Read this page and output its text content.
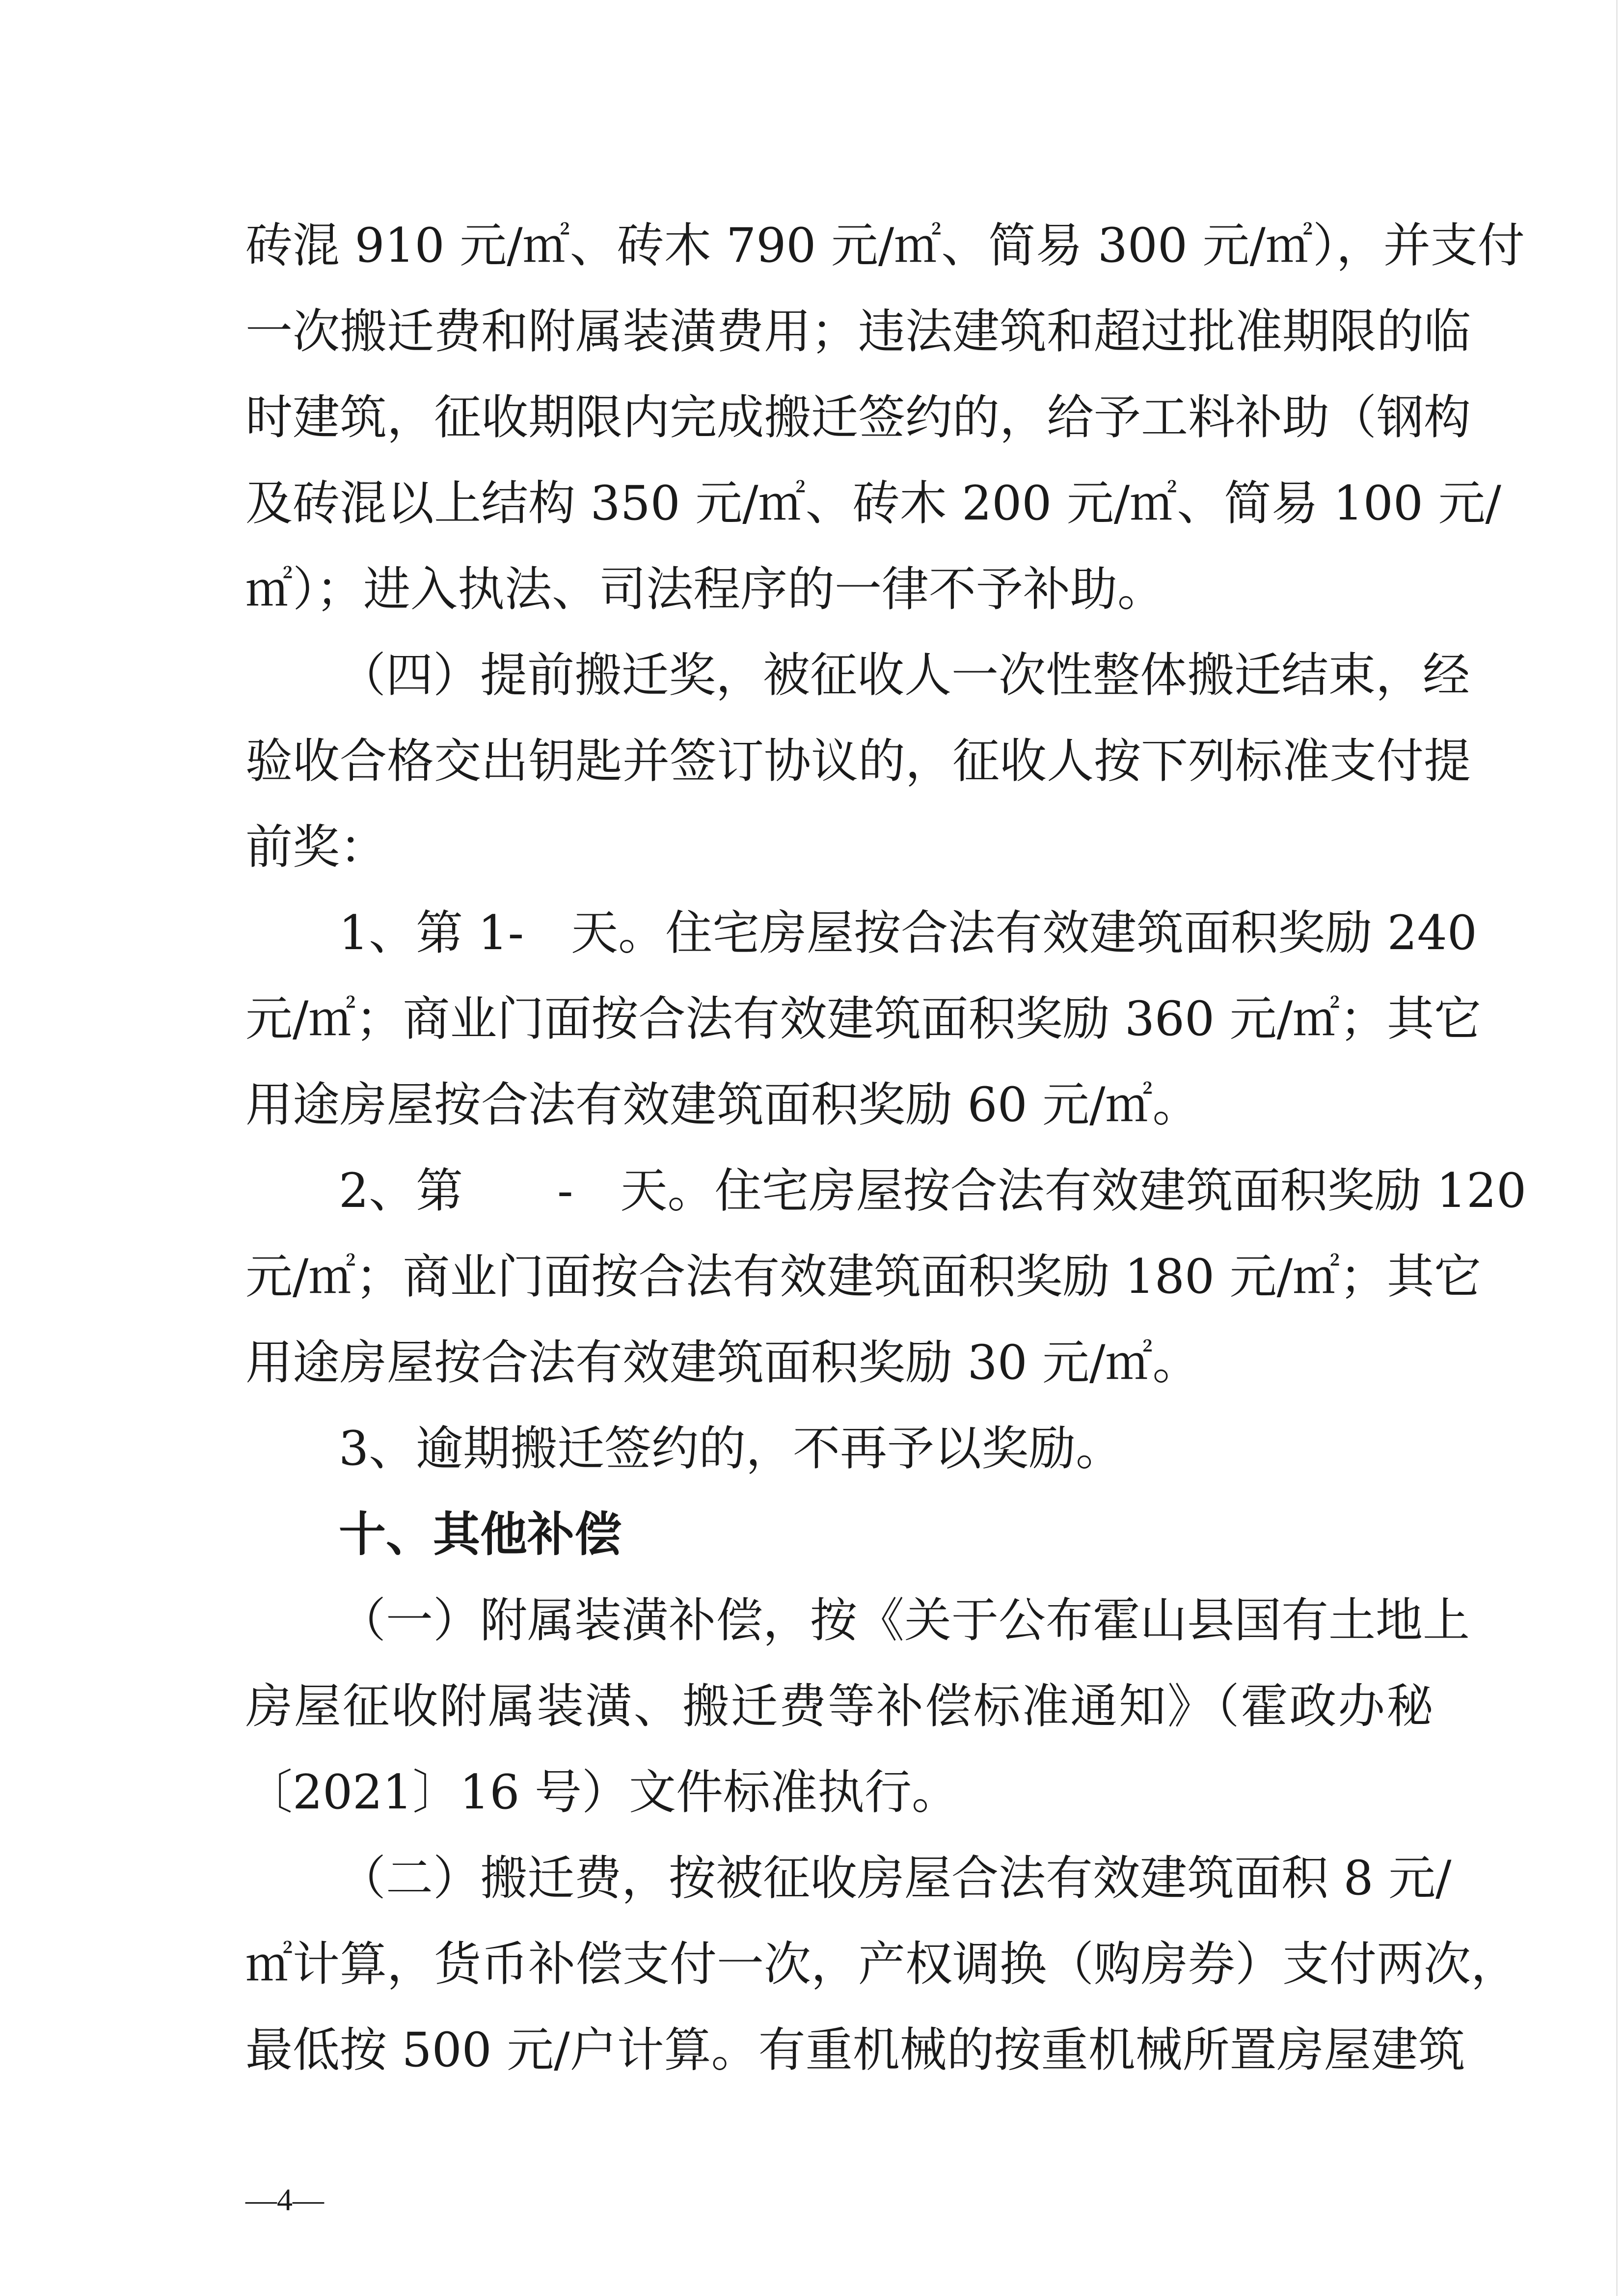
砖混 910 元/㎡、砖木 790 元/㎡、简易 300 元/㎡），并支付
一次搬迁费和附属装潢费用；违法建筑和超过批准期限的临
时建筑，征收期限内完成搬迁签约的，给予工料补助（钢构
及砖混以上结构 350 元/㎡、砖木 200 元/㎡、简易 100 元/
㎡）；进入执法、司法程序的一律不予补助。
（四）提前搬迁奖，被征收人一次性整体搬迁结束，经
验收合格交出钥匙并签订协议的，征收人按下列标准支付提
前奖：
1、第 1-　天。住宅房屋按合法有效建筑面积奖励 240
元/㎡；商业门面按合法有效建筑面积奖励 360 元/㎡；其它
用途房屋按合法有效建筑面积奖励 60 元/㎡。
2、第　　-　天。住宅房屋按合法有效建筑面积奖励 120
元/㎡；商业门面按合法有效建筑面积奖励 180 元/㎡；其它
用途房屋按合法有效建筑面积奖励 30 元/㎡。
3、逾期搬迁签约的，不再予以奖励。
十、其他补偿
（一）附属装潢补偿，按《关于公布霍山县国有土地上
房屋征收附属装潢、搬迁费等补偿标准通知》（霍政办秘
〔2021〕16 号）文件标准执行。
（二）搬迁费，按被征收房屋合法有效建筑面积 8 元/
㎡计算，货币补偿支付一次，产权调换（购房券）支付两次，
最低按 500 元/户计算。有重机械的按重机械所置房屋建筑
—4—
